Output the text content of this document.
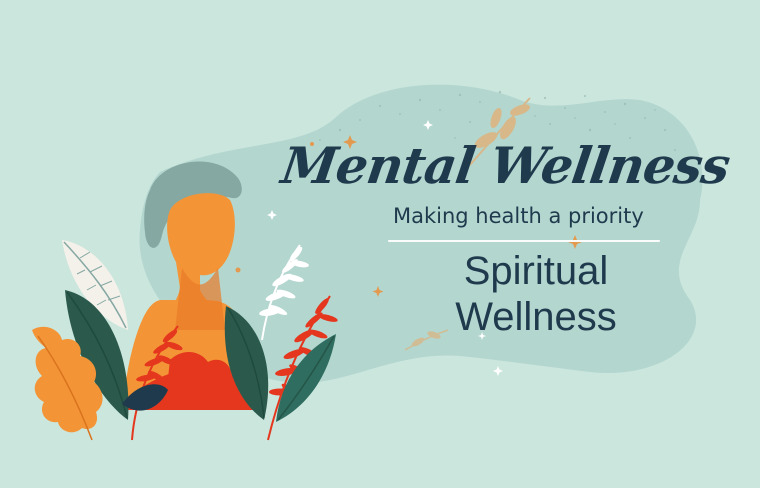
Mental Wellness
Making health a priority
Spiritual
Wellness
